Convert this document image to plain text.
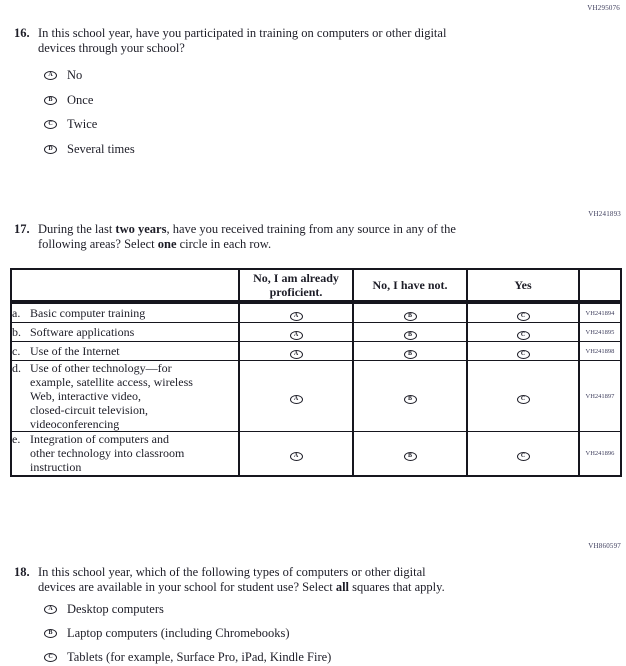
VH295076
VH241893
VH860597
16. In this school year, have you participated in training on computers or other digital
devices through your school?
A	No
B	Once
C	Twice
D	Several times
17. During the last two years, have you received training from any source in any of the
following areas? Select one circle in each row.
	No, I am already proficient.	No, I have not.	Yes	

a. Basic computer training	A	B	C	VH241894

b. Software applications	A	B	C	VH241895

c. Use of the Internet	A	B	C	VH241898

d. Use of other technology—for
example, satellite access, wireless
Web, interactive video,
closed-circuit television,
videoconferencing
	A	B	C	VH241897

e. Integration of computers and
other technology into classroom
instruction	A	B	C	VH241896
18. In this school year, which of the following types of computers or other digital
devices are available in your school for student use? Select all squares that apply.
A	Desktop computers
B	Laptop computers (including Chromebooks)
C	Tablets (for example, Surface Pro, iPad, Kindle Fire)
